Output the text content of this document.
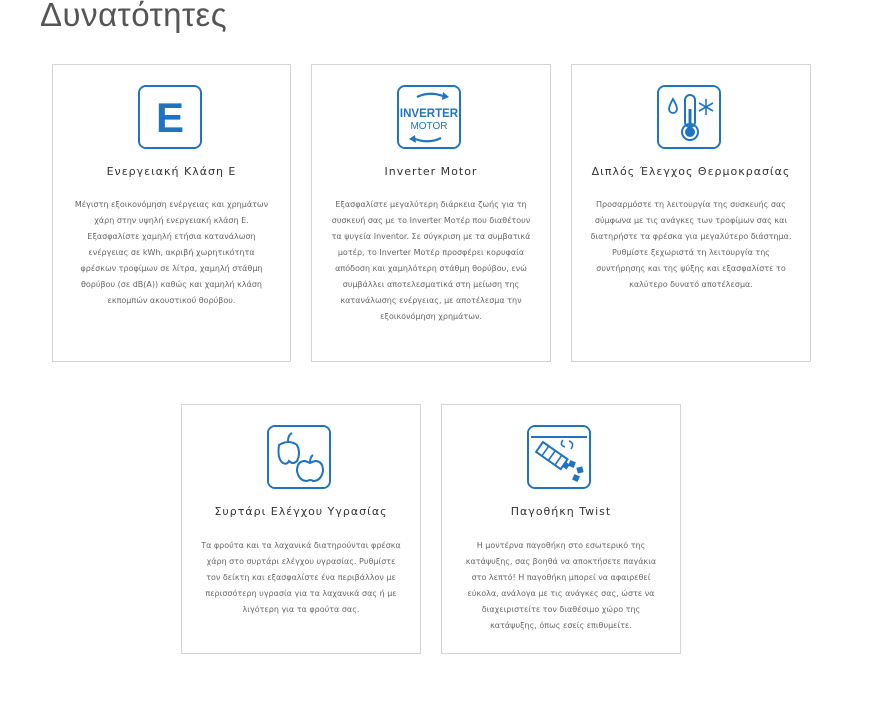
Δυνατότητες
E
Ενεργειακή Κλάση E

Μέγιστη εξοικονόμηση ενέργειας και χρημάτων χάρη στην υψηλή ενεργειακή κλάση E. Εξασφαλίστε χαμηλή ετήσια κατανάλωση ενέργειας σε kWh, ακριβή χωρητικότητα φρέσκων τροφίμων σε λίτρα, χαμηλή στάθμη θορύβου (σε dB(A)) καθώς και χαμηλή κλάση εκπομπών ακουστικού θορύβου.

INVERTER
MOTOR
Inverter Motor

Εξασφαλίστε μεγαλύτερη διάρκεια ζωής για τη συσκευή σας με το Inverter Μοτέρ που διαθέτουν τα ψυγεία Inventor. Σε σύγκριση με τα συμβατικά μοτέρ, το Inverter Μοτέρ προσφέρει κορυφαία απόδοση και χαμηλότερη στάθμη θορύβου, ενώ συμβάλλει αποτελεσματικά στη μείωση της κατανάλωσης ενέργειας, με αποτέλεσμα την εξοικονόμηση χρημάτων.

Διπλός Έλεγχος Θερμοκρασίας

Προσαρμόστε τη λειτουργία της συσκευής σας σύμφωνα με τις ανάγκες των τροφίμων σας και διατηρήστε τα φρέσκα για μεγαλύτερο διάστημα. Ρυθμίστε ξεχωριστά τη λειτουργία της συντήρησης και της ψύξης και εξασφαλίστε το καλύτερο δυνατό αποτέλεσμα.

Συρτάρι Ελέγχου Υγρασίας

Τα φρούτα και τα λαχανικά διατηρούνται φρέσκα χάρη στο συρτάρι ελέγχου υγρασίας. Ρυθμίστε τον δείκτη και εξασφαλίστε ένα περιβάλλον με περισσότερη υγρασία για τα λαχανικά σας ή με λιγότερη για τα φρούτα σας.

Παγοθήκη Twist

Η μοντέρνα παγοθήκη στο εσωτερικό της κατάψυξης, σας βοηθά να αποκτήσετε παγάκια στο λεπτό! Η παγοθήκη μπορεί να αφαιρεθεί εύκολα, ανάλογα με τις ανάγκες σας, ώστε να διαχειριστείτε τον διαθέσιμο χώρο της κατάψυξης, όπως εσείς επιθυμείτε.
